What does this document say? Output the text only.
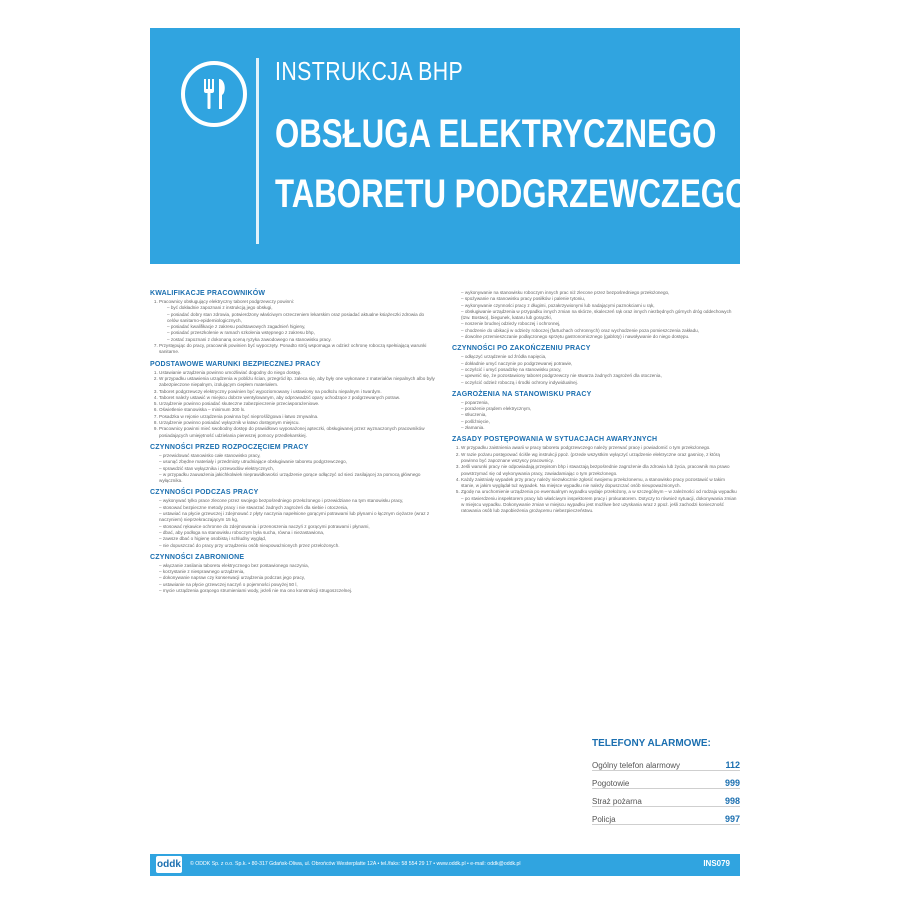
INSTRUKCJA BHP
OBSŁUGA ELEKTRYCZNEGO
TABORETU PODGRZEWCZEGO
KWALIFIKACJE PRACOWNIKÓW
1. Pracownicy obsługujący elektryczny taboret podgrzewczy powinni:
– być dokładnie zapoznani z instrukcją jego obsługi,
– posiadać dobry stan zdrowia, potwierdzony właściwym orzeczeniem lekarskim oraz posiadać aktualne książeczki zdrowia do celów sanitarno-epidemiologicznych,
– posiadać kwalifikacje z zakresu podstawowych zagadnień higieny,
– posiadać przeszkolenie w ramach szkolenia wstępnego z zakresu bhp,
– zostać zapoznani z dokonaną oceną ryzyka zawodowego na stanowisku pracy.
7. Przystępując do pracy, pracownik powinien być wypoczęty. Ponadto strój wspomaga w odzież ochronę roboczą spełniającą warunki sanitarne.
PODSTAWOWE WARUNKI BEZPIECZNEJ PRACY
1. Ustawianie urządzenia powinno umożliwiać dogodny do niego dostęp.
2. W przypadku ustawienia urządzenia w pobliżu ścian, przegród itp. zaleca się, aby były one wykonane z materiałów niepalnych albo były zabezpieczone niepalnym, izolującym ciepłem materiałem.
3. Taboret podgrzewczy elektryczny powinien być wypoziomowany i ustawiony na podłożu niepalnym i twardym.
4. Taboret należy ustawić w miejscu dobrze wentylowanym, aby odprowadzić opary uchodzące z podgrzewanych potraw.
5. Urządzenie powinno posiadać skuteczne zabezpieczenie przeciwporażeniowe.
6. Oświetlenie stanowiska – minimum 300 lx.
7. Posadzka w rejonie urządzenia powinna być nieprośliżgowa i łatwo zmywalna.
8. Urządzenie powinno posiadać wyłącznik w łatwo dostępnym miejscu.
9. Pracownicy powinni mieć swobodny dostęp do prawidłowo wyposażonej apteczki, obsługiwanej przez wyznaczonych pracowników posiadających umiejętność udzielania pierwszej pomocy przedlekarskiej.
CZYNNOŚCI PRZED ROZPOCZĘCIEM PRACY
– przewidować stanowisko całe stanowisko pracy,
– usunąć zbędne materiały i przedmioty utrudniające obsługiwanie taboretu podgrzewczego,
– sprawdzić stan wyłącznika i przewodów elektrycznych,
– w przypadku zauważenia jakichkolwiek nieprawidłowości urządzenie gorące odłączyć od sieci zasilającej za pomocą głównego wyłącznika.
CZYNNOŚCI PODCZAS PRACY
– wykonywać tylko prace zlecone przez swojego bezpośredniego przełożonego i przewidziane na tym stanowisku pracy,
– stosować bezpieczne metody pracy i nie stwarzać żadnych zagrożeń dla siebie i otoczenia,
– ustawiać na płycie grzewczej i zdejmować z płyty naczynia napełnione gorącymi potrawami lub płynami o łącznym ciężarze (wraz z naczyniem) nieprzekraczającym 15 kg,
– stosować rękawice ochronne do zdejmowania i przenoszenia naczyń z gorącymi potrawami i płynami,
– dbać, aby podłoga na stanowisku roboczym była sucha, równa i niezastawiona,
– zawsze dbać o higienę osobistą i schludny wygląd,
– nie dopuszczać do pracy przy urządzeniu osób nieupoważnionych przez przełożonych.
CZYNNOŚCI ZABRONIONE
– włączanie zasilania taboretu elektrycznego bez postawionego naczynia,
– korzystanie z niesprawnego urządzenia,
– dokonywanie napraw czy konserwacji urządzenia podczas jego pracy,
– ustawianie na płycie grzewczej naczyń o pojemności powyżej 50 l,
– mycie urządzenia gorącego strumieniami wody, jeżeli nie ma ono konstrukcji strugoszczelnej.
– wykonywanie na stanowisku roboczym innych prac niż zlecone przez bezpośredniego przełożonego,
– spożywanie na stanowisku pracy posiłków i palenie tytoniu,
– wykonywanie czynności pracy z długimi, pozakrzywionymi lub nadającymi paznokciami u rąk,
– obsługiwanie urządzenia w przypadku innych zmian na skórze, skaleczeń rąk oraz innych niezbędnych górnych dróg oddechowych (tzw. Bostwo), biegunek, kataru lub gorączki,
– noszenie brudnej odzieży roboczej i ochronnej,
– chodzenie do ubikacji w odzieży roboczej (fartuchach ochronnych) oraz wychodzenie poza pomieszczenia zakładu,
– dowolne przemieszczanie podłączonego sprzętu gastronomicznego (gabloty) i nawoływanie do niego dostępu.
CZYNNOŚCI PO ZAKOŃCZENIU PRACY
– odłączyć urządzenie od źródła napięcia,
– dokładnie umyć naczynie po podgrzewanej potrawie,
– oczyścić i umyć posadzkę na stanowisku pracy,
– upewnić się, że pozostawiony taboret podgrzewczy nie stwarza żadnych zagrożeń dla otoczenia,
– oczyścić odzież roboczą i środki ochrony indywidualnej.
ZAGROŻENIA NA STANOWISKU PRACY
– poparzenia,
– porażenie prądem elektrycznym,
– stłuczenia,
– pośliźnięcie,
– złamania.
ZASADY POSTĘPOWANIA W SYTUACJACH AWARYJNYCH
1. W przypadku zaistnienia awarii w pracy taboretu podgrzewczego należy przerwać pracę i powiadomić o tym przełożonego.
2. W razie pożaru postępować ściśle wg instrukcji ppoż. (przede wszystkim wyłączyć urządzenie elektryczne oraz gasnicę, z którą powinno być zapoznane wszyscy pracownicy.
3. Jeśli warunki pracy nie odpowiadają przepisom bhp i stwarzają bezpośrednie zagrożenie dla zdrowia lub życia, pracownik ma prawo powstrzymać się od wykonywania pracy, zawiadamiając o tym przełożonego.
4. Każdy zaistniały wypadek przy pracy należy niezwłocznie zgłosić swojemu przełożonemu, a stanowisko pracy pozostawić w takim stanie, w jakim wyglądał tuż wypadek. Na miejsce wypadku nie należy dopuszczać osób nieupoważnionych.
5. Zgodę na uruchomienie urządzenia po ewentualnym wypadku wydaje przełożony, a w szczególnym – w zależności od rodzaju wypadku – po stwierdzeniu inspektorem pracy lub właściwym inspektorem pracy i prokuratorem. Dotyczy to również sytuacji, dokonywania zmian w miejscu wypadku. Dokonywanie zmian w miejscu wypadku jest możliwe bez uzyskania wraz z ppoż. jeśli zachodzi konieczność ratowania osób lub zapobieżenia grożącemu niebezpieczeństwu.
TELEFONY ALARMOWE:
Ogólny telefon alarmowy	112
Pogotowie	999
Straż pożarna	998
Policja	997
oddk © ODDK Sp. z o.o. Sp.k. • 80-317 Gdańsk-Oliwa, ul. Obrońców Westerplatte 12A • tel./faks: 58 554 29 17 • www.oddk.pl • e-mail: oddk@oddk.pl	INS079
